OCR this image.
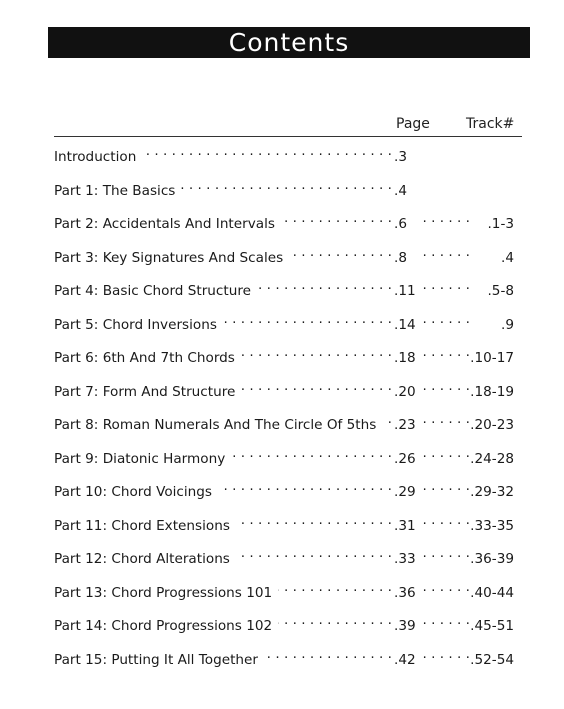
Contents
Page	Track#
Introduction . . .	.3
Part 1: The Basics . . .	.4
Part 2: Accidentals And Intervals . . .	.6 . . .	.1-3
Part 3: Key Signatures And Scales . . .	.8 . . .	.4
Part 4: Basic Chord Structure . . .	.11 . . .	.5-8
Part 5: Chord Inversions . . .	.14 . . .	.9
Part 6: 6th And 7th Chords . . .	.18 . . .	.10-17
Part 7: Form And Structure . . .	.20 . . .	.18-19
Part 8: Roman Numerals And The Circle Of 5ths . . . .23 . . .	.20-23
Part 9: Diatonic Harmony . . .	.26 . . .	.24-28
Part 10: Chord Voicings . . .	.29 . . .	.29-32
Part 11: Chord Extensions . . .	.31 . . .	.33-35
Part 12: Chord Alterations . . .	.33 . . .	.36-39
Part 13: Chord Progressions 101 . . .	.36 . . .	.40-44
Part 14: Chord Progressions 102 . . .	.39 . . .	.45-51
Part 15: Putting It All Together . . .	.42 . . .	.52-54
